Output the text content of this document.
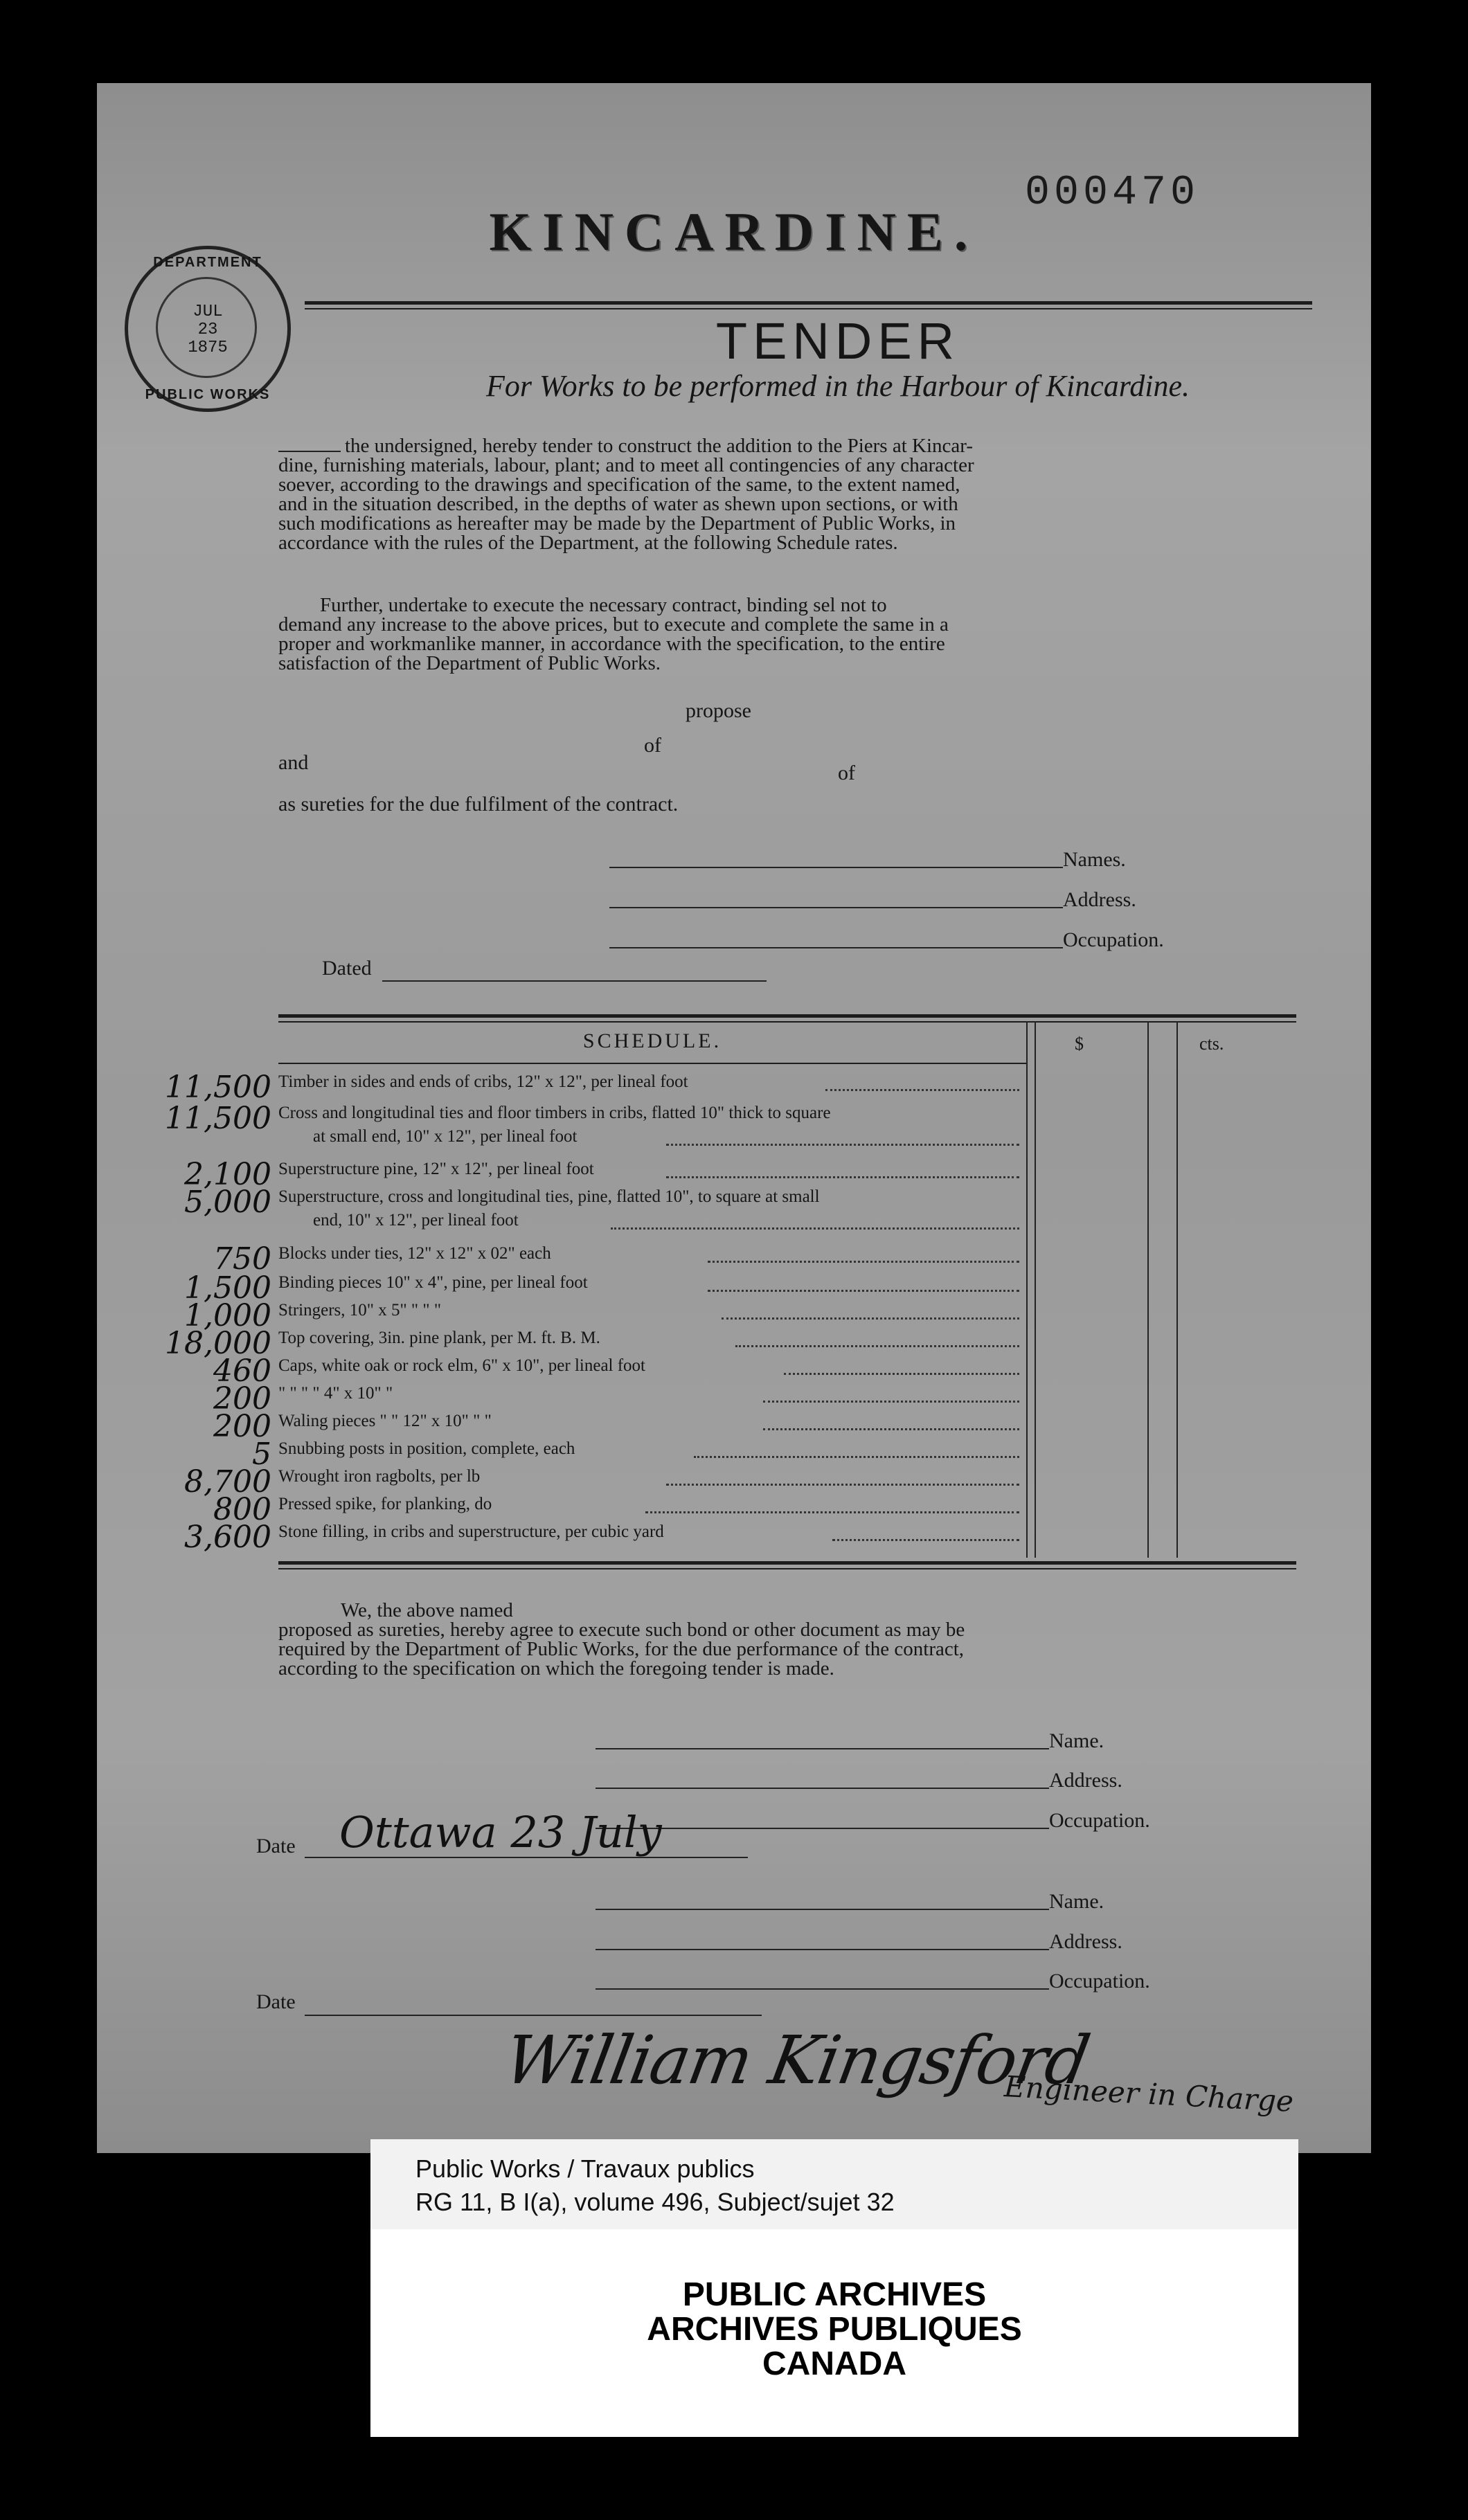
000470
KINCARDINE.
DEPARTMENT
JUL
23
1875
PUBLIC WORKS
TENDER
For Works to be performed in the Harbour of Kincardine.
the undersigned, hereby tender to construct the addition to the Piers at Kincar-
dine, furnishing materials, labour, plant; and to meet all contingencies of any character
soever, according to the drawings and specification of the same, to the extent named,
and in the situation described, in the depths of water as shewn upon sections, or with
such modifications as hereafter may be made by the Department of Public Works, in
accordance with the rules of the Department, at the following Schedule rates.
Further, undertake to execute the necessary contract, binding sel not to
demand any increase to the above prices, but to execute and complete the same in a
proper and workmanlike manner, in accordance with the specification, to the entire
satisfaction of the Department of Public Works.
propose
of
and	of
as sureties for the due fulfilment of the contract.
Names.
Address.
Occupation.
Dated
SCHEDULE.	$	cts.
11,500 Timber in sides and ends of cribs, 12" x 12", per lineal foot
11,500 Cross and longitudinal ties and floor timbers in cribs, flatted 10" thick to square
at small end, 10" x 12", per lineal foot
2,100 Superstructure pine, 12" x 12", per lineal foot
5,000 Superstructure, cross and longitudinal ties, pine, flatted 10", to square at small
end, 10" x 12", per lineal foot
750 Blocks under ties, 12" x 12" x 02" each
1,500 Binding pieces 10" x 4", pine, per lineal foot
1,000 Stringers, 10" x 5" " " "
18,000 Top covering, 3in. pine plank, per M. ft. B. M.
460 Caps, white oak or rock elm, 6" x 10", per lineal foot
200 " " " " 4" x 10" "
200 Waling pieces " " 12" x 10" " "
5 Snubbing posts in position, complete, each
8,700 Wrought iron ragbolts, per lb
800 Pressed spike, for planking, do
3,600 Stone filling, in cribs and superstructure, per cubic yard
We, the above named
proposed as sureties, hereby agree to execute such bond or other document as may be
required by the Department of Public Works, for the due performance of the contract,
according to the specification on which the foregoing tender is made.
Name.
Address.
Occupation.
Date Ottawa 23 July
Name.
Address.
Occupation.
Date
William Kingsford
Engineer in Charge
Public Works / Travaux publics
RG 11, B I(a), volume 496, Subject/sujet 32
PUBLIC ARCHIVES
ARCHIVES PUBLIQUES
CANADA
